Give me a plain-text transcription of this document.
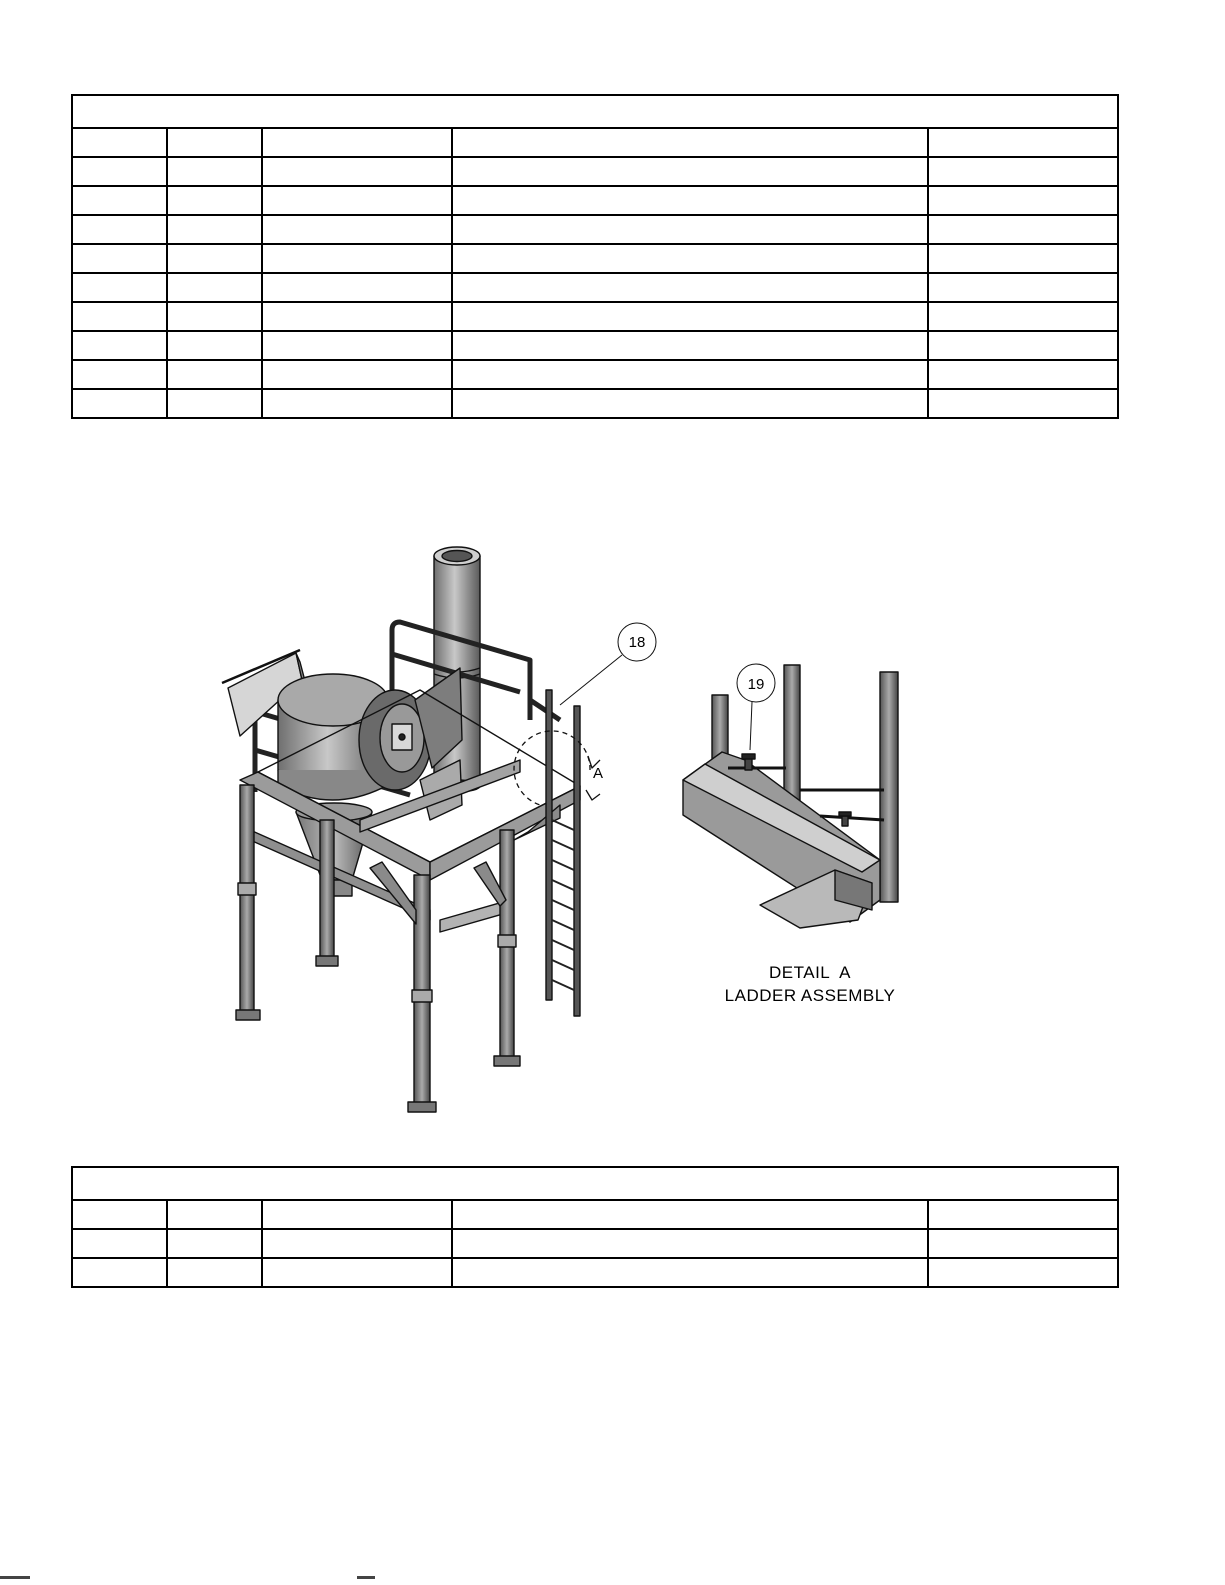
A
18
19
DETAIL  A
LADDER ASSEMBLY
